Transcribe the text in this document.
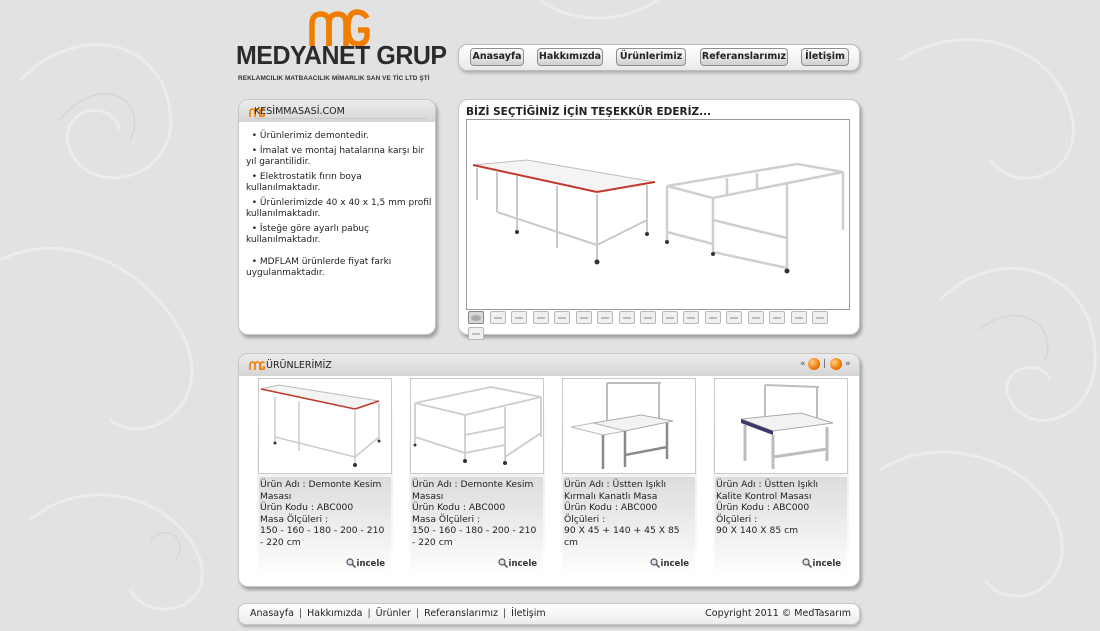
MEDYANET GRUP
REKLAMCILIK MATBAACILIK MİMARLIK SAN VE TİC LTD ŞTİ
Anasayfa Hakkımızda	Ürünlerimiz	Referanslarımız	İletişim
KESİMMASASİ.COM
• Ürünlerimiz demontedir.
• İmalat ve montaj hatalarına karşı bir yıl garantilidir.
• Elektrostatik fırın boya kullanılmaktadır.
• Ürünlerimizde 40 x 40 x 1,5 mm profil kullanılmaktadır.
• İsteğe göre ayarlı pabuç kullanılmaktadır.
• MDFLAM ürünlerde fiyat farkı uygulanmaktadır.
BİZİ SEÇTİĞİNİZ İÇİN TEŞEKKÜR EDERİZ...
ÜRÜNLERİMİZ	« | »
Ürün Adı : Demonte Kesim Masası
Ürün Kodu : ABC000
Masa Ölçüleri :
150 - 160 - 180 - 200 - 210 - 220 cm
incele
Ürün Adı : Demonte Kesim Masası
Ürün Kodu : ABC000
Masa Ölçüleri :
150 - 160 - 180 - 200 - 210 - 220 cm
incele
Ürün Adı : Üstten Işıklı Kırmalı Kanatlı Masa
Ürün Kodu : ABC000
Ölçüleri :
90 X 45 + 140 + 45 X 85 cm
incele
Ürün Adı : Üstten Işıklı Kalite Kontrol Masası
Ürün Kodu : ABC000
Ölçüleri :
90 X 140 X 85 cm
incele
Anasayfa | Hakkımızda | Ürünler | Referanslarımız | İletişim	Copyright 2011 © MedTasarım
